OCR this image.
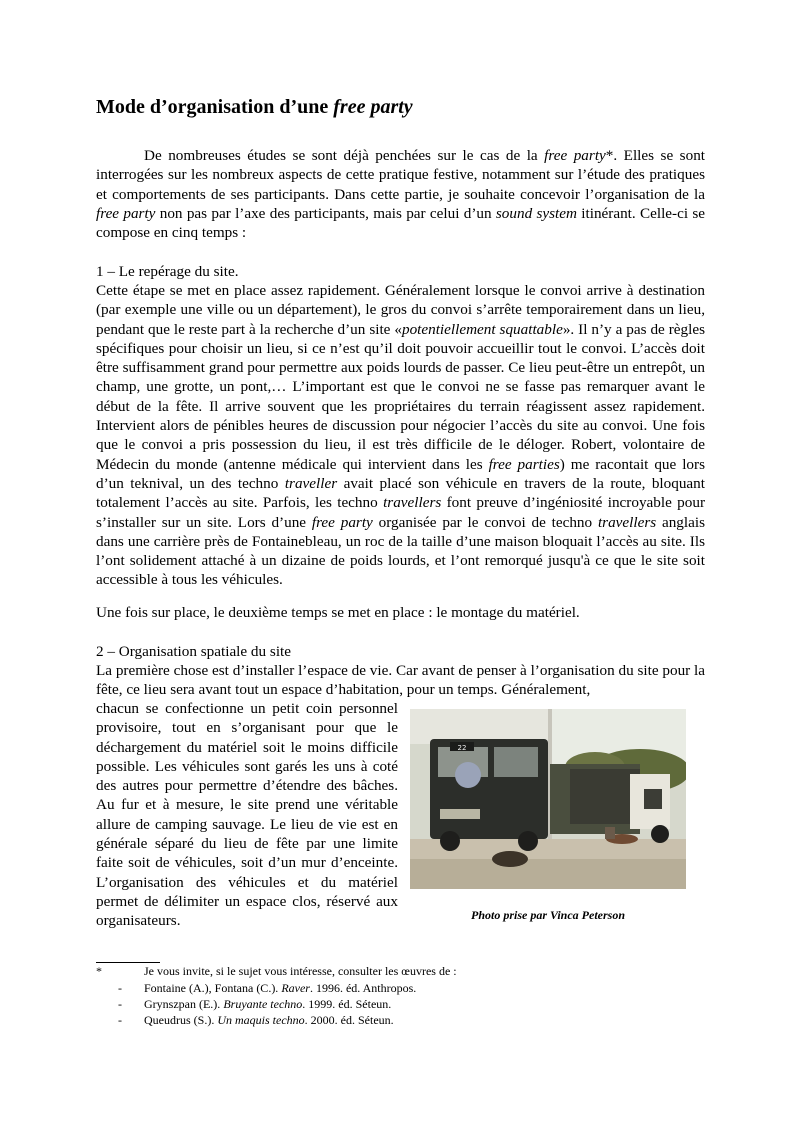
Mode d’organisation d’une free party

De nombreuses études se sont déjà penchées sur le cas de la free party*. Elles se sont interrogées sur les nombreux aspects de cette pratique festive, notamment sur l’étude des pratiques et comportements de ses participants. Dans cette partie, je souhaite concevoir l’organisation de la free party non pas par l’axe des participants, mais par celui d’un sound system itinérant. Celle-ci se compose en cinq temps :

1 – Le repérage du site.

Cette étape se met en place assez rapidement. Généralement lorsque le convoi arrive à destination (par exemple une ville ou un département), le gros du convoi s’arrête temporairement dans un lieu, pendant que le reste part à la recherche d’un site «potentiellement squattable». Il n’y a pas de règles spécifiques pour choisir un lieu, si ce n’est qu’il doit pouvoir accueillir tout le convoi. L’accès doit être suffisamment grand pour permettre aux poids lourds de passer. Ce lieu peut-être un entrepôt, un champ, une grotte, un pont,… L’important est que le convoi ne se fasse pas remarquer avant le début de la fête. Il arrive souvent que les propriétaires du terrain réagissent assez rapidement. Intervient alors de pénibles heures de discussion pour négocier l’accès du site au convoi. Une fois que le convoi a pris possession du lieu, il est très difficile de le déloger. Robert, volontaire de Médecin du monde (antenne médicale qui intervient dans les free parties) me racontait que lors d’un teknival, un des techno traveller avait placé son véhicule en travers de la route, bloquant totalement l’accès au site. Parfois, les techno travellers font preuve d’ingéniosité incroyable pour s’installer sur un site. Lors d’une free party organisée par le convoi de techno travellers anglais dans une carrière près de Fontainebleau, un roc de la taille d’une maison bloquait l’accès au site. Ils l’ont solidement attaché à un dizaine de poids lourds, et l’ont remorqué jusqu'à ce que le site soit accessible à tous les véhicules.

Une fois sur place, le deuxième temps se met en place : le montage du matériel.

2 – Organisation spatiale du site

La première chose est d’installer l’espace de vie. Car avant de penser à l’organisation du site pour la fête, ce lieu sera avant tout un espace d’habitation, pour un temps. Généralement,

chacun se confectionne un petit coin personnel provisoire, tout en s’organisant pour que le déchargement du matériel soit le moins difficile possible. Les véhicules sont garés les uns à coté des autres pour permettre d’étendre des bâches. Au fur et à mesure, le site prend une véritable allure de camping sauvage. Le lieu de vie est en générale séparé du lieu de fête par une limite faite soit de véhicules, soit d’un mur d’enceinte. L’organisation des véhicules et du matériel permet de délimiter un espace clos, réservé aux organisateurs.

22
Photo prise par Vinca Peterson
*	Je vous invite, si le sujet vous intéresse, consulter les œuvres de :
- Fontaine (A.), Fontana (C.). Raver. 1996. éd. Anthropos.
- Grynszpan (E.). Bruyante techno. 1999. éd. Séteun.
- Queudrus (S.). Un maquis techno. 2000. éd. Séteun.
